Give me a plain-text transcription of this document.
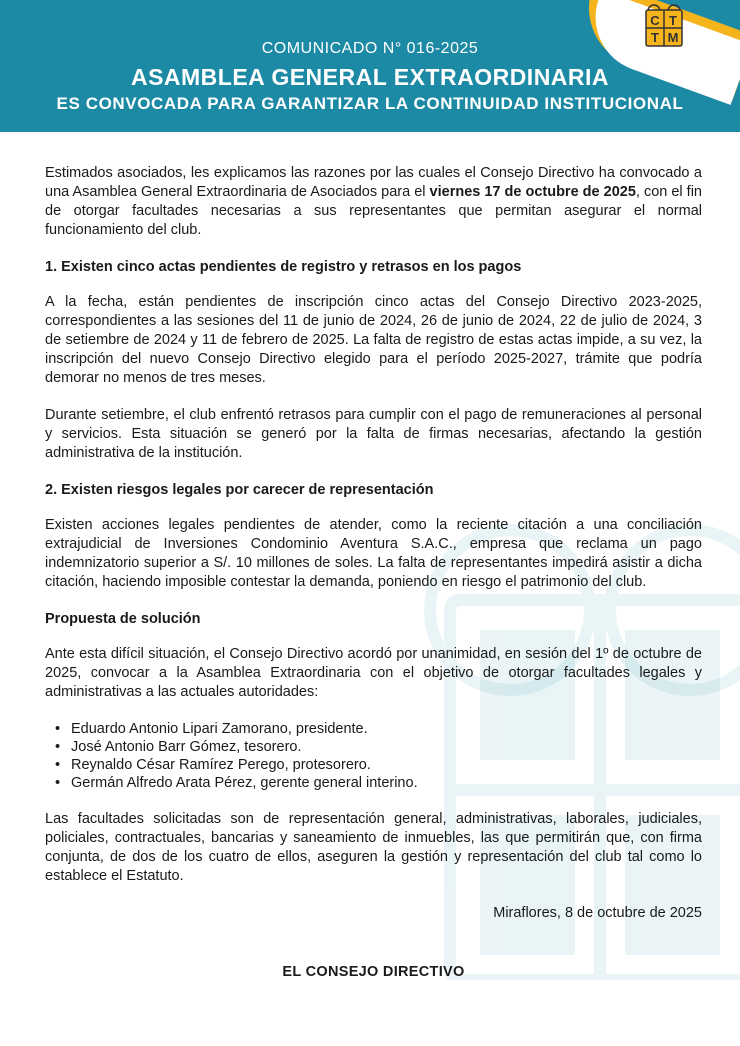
COMUNICADO N° 016-2025
ASAMBLEA GENERAL EXTRAORDINARIA
ES CONVOCADA PARA GARANTIZAR LA CONTINUIDAD INSTITUCIONAL
C T
T M

Estimados asociados, les explicamos las razones por las cuales el Consejo Directivo ha convocado a una Asamblea General Extraordinaria de Asociados para el viernes 17 de octubre de 2025, con el fin de otorgar facultades necesarias a sus representantes que permitan asegurar el normal funcionamiento del club.

1. Existen cinco actas pendientes de registro y retrasos en los pagos

A la fecha, están pendientes de inscripción cinco actas del Consejo Directivo 2023-2025, correspondientes a las sesiones del 11 de junio de 2024, 26 de junio de 2024, 22 de julio de 2024, 3 de setiembre de 2024 y 11 de febrero de 2025. La falta de registro de estas actas impide, a su vez, la inscripción del nuevo Consejo Directivo elegido para el período 2025-2027, trámite que podría demorar no menos de tres meses.

Durante setiembre, el club enfrentó retrasos para cumplir con el pago de remuneraciones al personal y servicios. Esta situación se generó por la falta de firmas necesarias, afectando la gestión administrativa de la institución.

2. Existen riesgos legales por carecer de representación

Existen acciones legales pendientes de atender, como la reciente citación a una conciliación extrajudicial de Inversiones Condominio Aventura S.A.C., empresa que reclama un pago indemnizatorio superior a S/. 10 millones de soles. La falta de representantes impedirá asistir a dicha citación, haciendo imposible contestar la demanda, poniendo en riesgo el patrimonio del club.

Propuesta de solución

Ante esta difícil situación, el Consejo Directivo acordó por unanimidad, en sesión del 1º de octubre de 2025, convocar a la Asamblea Extraordinaria con el objetivo de otorgar facultades legales y administrativas a las actuales autoridades:

• Eduardo Antonio Lipari Zamorano, presidente.
• José Antonio Barr Gómez, tesorero.
• Reynaldo César Ramírez Perego, protesorero.
• Germán Alfredo Arata Pérez, gerente general interino.

Las facultades solicitadas son de representación general, administrativas, laborales, judiciales, policiales, contractuales, bancarias y saneamiento de inmuebles, las que permitirán que, con firma conjunta, de dos de los cuatro de ellos, aseguren la gestión y representación del club tal como lo establece el Estatuto.

Miraflores, 8 de octubre de 2025
EL CONSEJO DIRECTIVO
